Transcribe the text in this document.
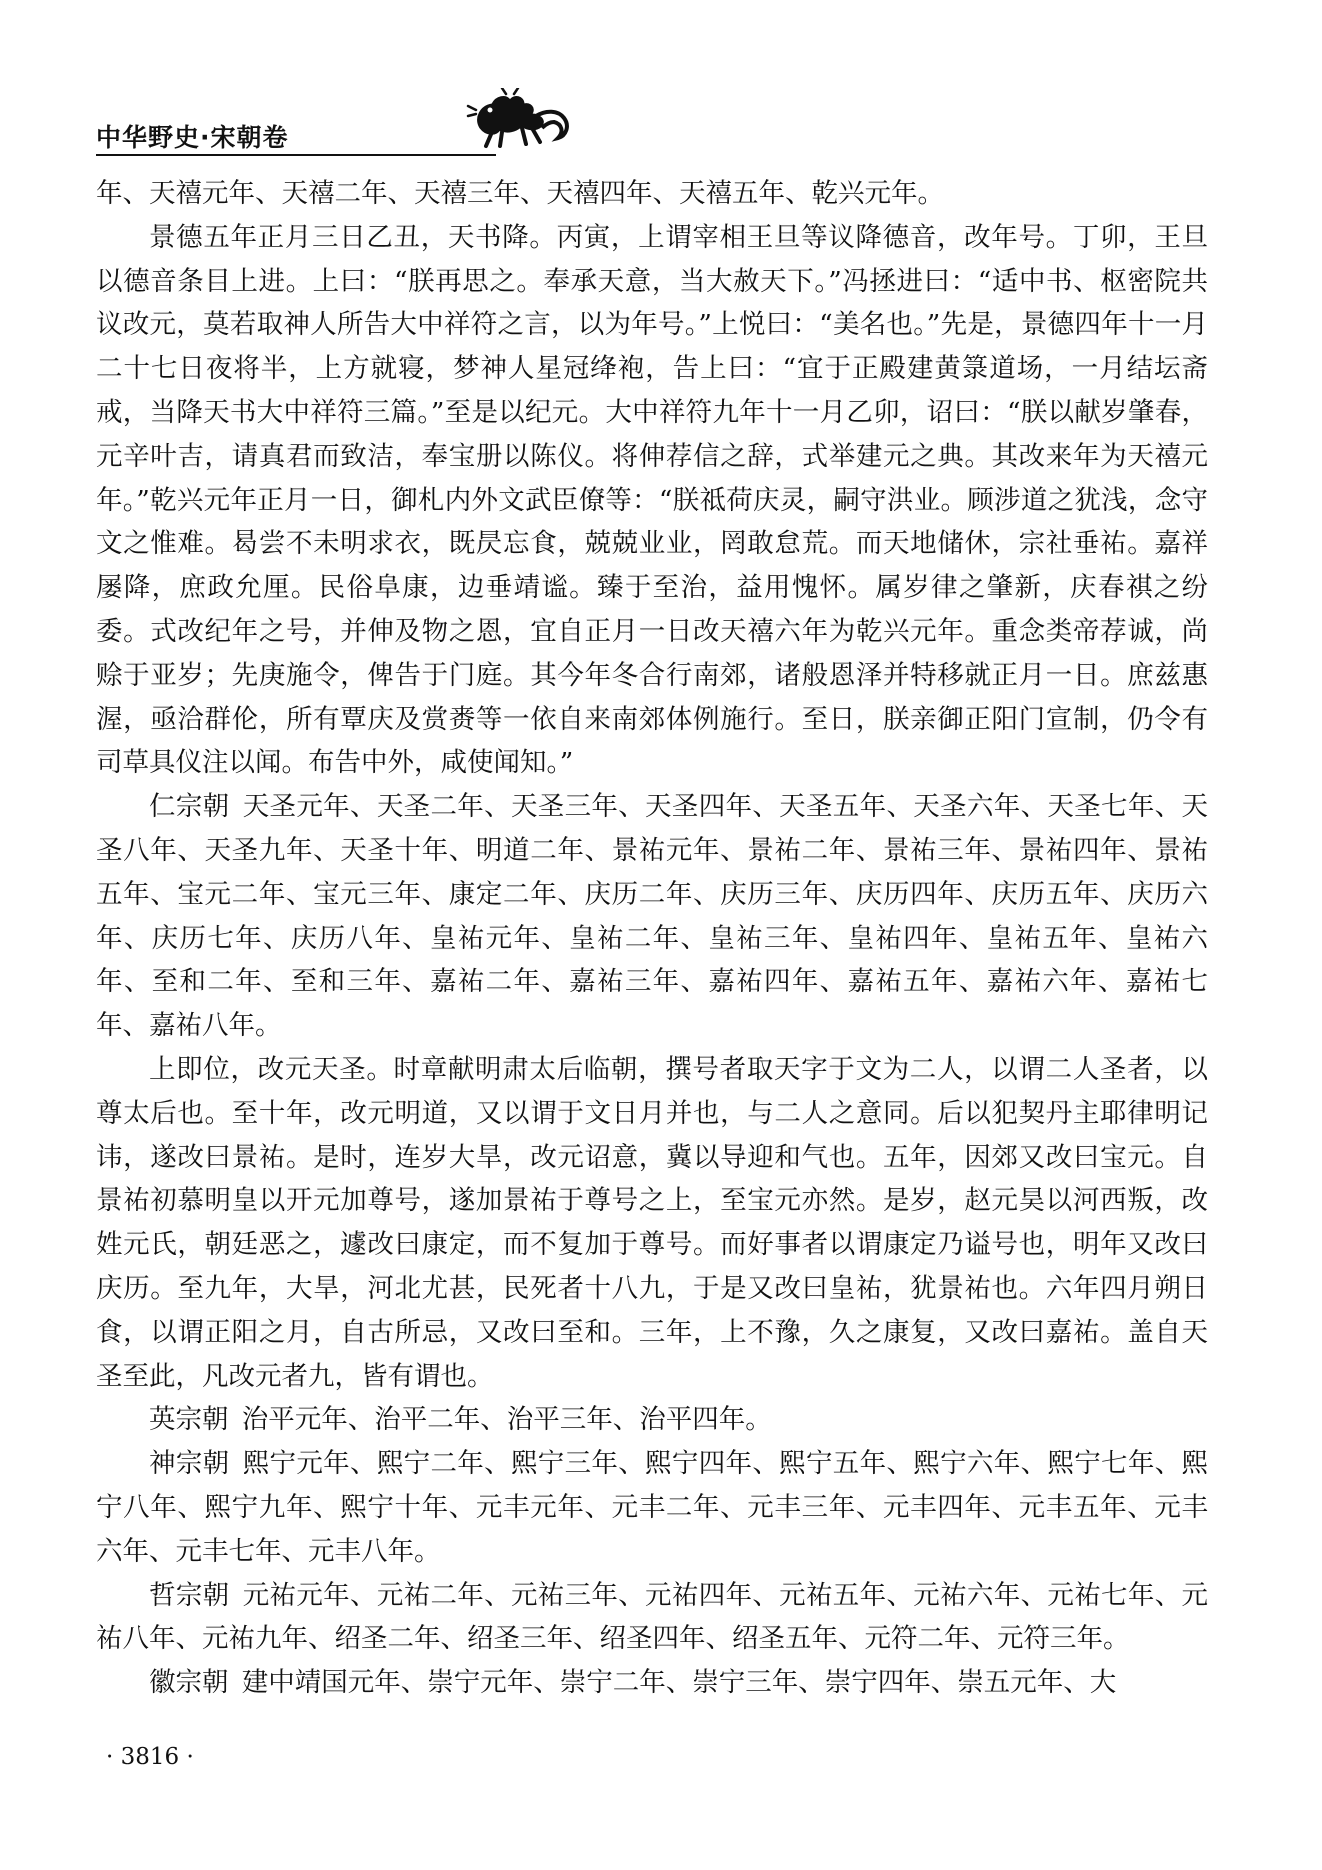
中华野史·宋朝卷

年、天禧元年、天禧二年、天禧三年、天禧四年、天禧五年、乾兴元年。

景德五年正月三日乙丑，天书降。丙寅，上谓宰相王旦等议降德音，改年号。丁卯，王旦以德音条目上进。上曰：“朕再思之。奉承天意，当大赦天下。”冯拯进曰：“适中书、枢密院共议改元，莫若取神人所告大中祥符之言，以为年号。”上悦曰：“美名也。”先是，景德四年十一月二十七日夜将半，上方就寝，梦神人星冠绛袍，告上曰：“宜于正殿建黄箓道场，一月结坛斋戒，当降天书大中祥符三篇。”至是以纪元。大中祥符九年十一月乙卯，诏曰：“朕以献岁肇春，元辛叶吉，请真君而致洁，奉宝册以陈仪。将伸荐信之辞，式举建元之典。其改来年为天禧元年。”乾兴元年正月一日，御札内外文武臣僚等：“朕祗荷庆灵，嗣守洪业。顾涉道之犹浅，念守文之惟难。曷尝不未明求衣，既昃忘食，兢兢业业，罔敢怠荒。而天地储休，宗社垂祐。嘉祥屡降，庶政允厘。民俗阜康，边垂靖谧。臻于至治，益用愧怀。属岁律之肇新，庆春祺之纷委。式改纪年之号，并伸及物之恩，宜自正月一日改天禧六年为乾兴元年。重念类帝荐诚，尚赊于亚岁；先庚施令，俾告于门庭。其今年冬合行南郊，诸般恩泽并特移就正月一日。庶兹惠渥，亟洽群伦，所有覃庆及赏赉等一依自来南郊体例施行。至日，朕亲御正阳门宣制，仍令有司草具仪注以闻。布告中外，咸使闻知。”

仁宗朝 天圣元年、天圣二年、天圣三年、天圣四年、天圣五年、天圣六年、天圣七年、天圣八年、天圣九年、天圣十年、明道二年、景祐元年、景祐二年、景祐三年、景祐四年、景祐五年、宝元二年、宝元三年、康定二年、庆历二年、庆历三年、庆历四年、庆历五年、庆历六年、庆历七年、庆历八年、皇祐元年、皇祐二年、皇祐三年、皇祐四年、皇祐五年、皇祐六年、至和二年、至和三年、嘉祐二年、嘉祐三年、嘉祐四年、嘉祐五年、嘉祐六年、嘉祐七年、嘉祐八年。

上即位，改元天圣。时章献明肃太后临朝，撰号者取天字于文为二人，以谓二人圣者，以尊太后也。至十年，改元明道，又以谓于文日月并也，与二人之意同。后以犯契丹主耶律明记讳，遂改曰景祐。是时，连岁大旱，改元诏意，冀以导迎和气也。五年，因郊又改曰宝元。自景祐初慕明皇以开元加尊号，遂加景祐于尊号之上，至宝元亦然。是岁，赵元昊以河西叛，改姓元氏，朝廷恶之，遽改曰康定，而不复加于尊号。而好事者以谓康定乃谥号也，明年又改曰庆历。至九年，大旱，河北尤甚，民死者十八九，于是又改曰皇祐，犹景祐也。六年四月朔日食，以谓正阳之月，自古所忌，又改曰至和。三年，上不豫，久之康复，又改曰嘉祐。盖自天圣至此，凡改元者九，皆有谓也。

英宗朝 治平元年、治平二年、治平三年、治平四年。

神宗朝 熙宁元年、熙宁二年、熙宁三年、熙宁四年、熙宁五年、熙宁六年、熙宁七年、熙宁八年、熙宁九年、熙宁十年、元丰元年、元丰二年、元丰三年、元丰四年、元丰五年、元丰六年、元丰七年、元丰八年。

哲宗朝 元祐元年、元祐二年、元祐三年、元祐四年、元祐五年、元祐六年、元祐七年、元祐八年、元祐九年、绍圣二年、绍圣三年、绍圣四年、绍圣五年、元符二年、元符三年。

徽宗朝 建中靖国元年、崇宁元年、崇宁二年、崇宁三年、崇宁四年、崇五元年、大

· 3816 ·
